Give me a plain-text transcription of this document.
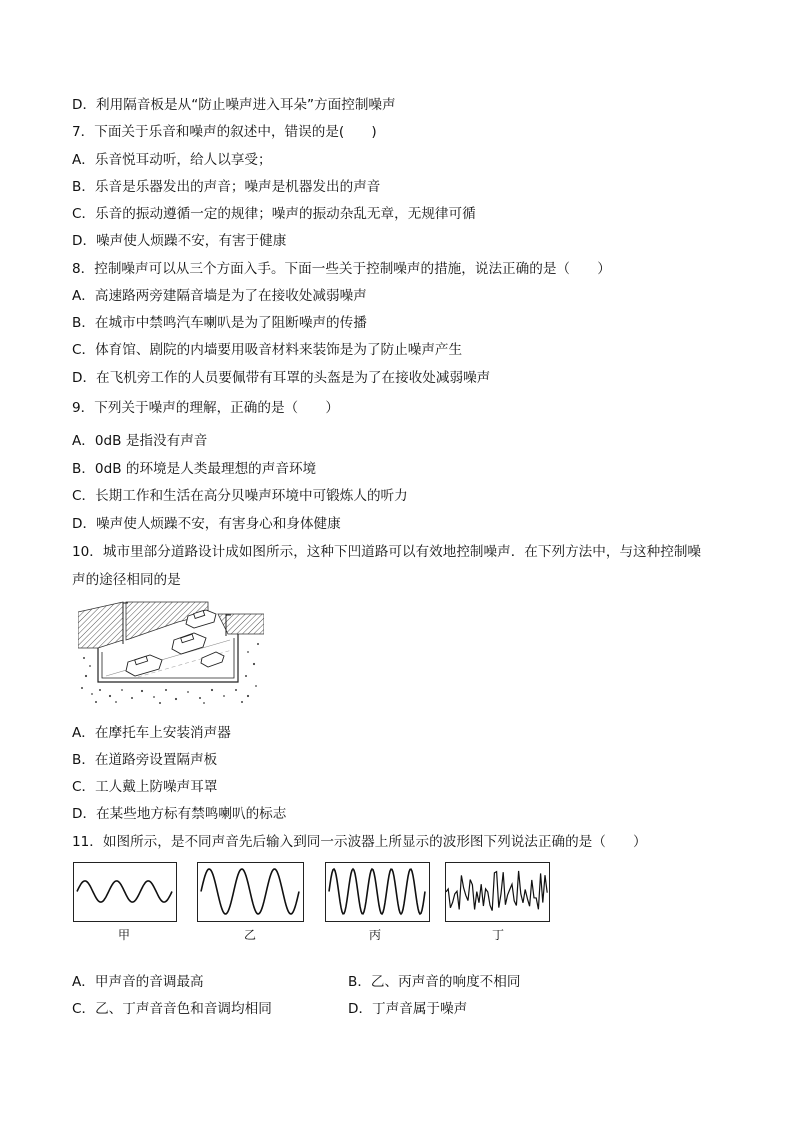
D．利用隔音板是从“防止噪声进入耳朵”方面控制噪声
7．下面关于乐音和噪声的叙述中，错误的是(　　)
A．乐音悦耳动听，给人以享受；
B．乐音是乐器发出的声音；噪声是机器发出的声音
C．乐音的振动遵循一定的规律；噪声的振动杂乱无章，无规律可循
D．噪声使人烦躁不安，有害于健康
8．控制噪声可以从三个方面入手。下面一些关于控制噪声的措施，说法正确的是（　　）
A．高速路两旁建隔音墙是为了在接收处减弱噪声
B．在城市中禁鸣汽车喇叭是为了阻断噪声的传播
C．体育馆、剧院的内墙要用吸音材料来装饰是为了防止噪声产生
D．在飞机旁工作的人员要佩带有耳罩的头盔是为了在接收处减弱噪声
9．下列关于噪声的理解，正确的是（　　）
A．0dB 是指没有声音
B．0dB 的环境是人类最理想的声音环境
C．长期工作和生活在高分贝噪声环境中可锻炼人的听力
D．噪声使人烦躁不安，有害身心和身体健康
10．城市里部分道路设计成如图所示，这种下凹道路可以有效地控制噪声．在下列方法中，与这种控制噪
声的途径相同的是
A．在摩托车上安装消声器
B．在道路旁设置隔声板
C．工人戴上防噪声耳罩
D．在某些地方标有禁鸣喇叭的标志
11．如图所示，是不同声音先后输入到同一示波器上所显示的波形图下列说法正确的是（　　）
甲	乙	丙	丁
A．甲声音的音调最高	B．乙、丙声音的响度不相同
C．乙、丁声音音色和音调均相同	D．丁声音属于噪声
